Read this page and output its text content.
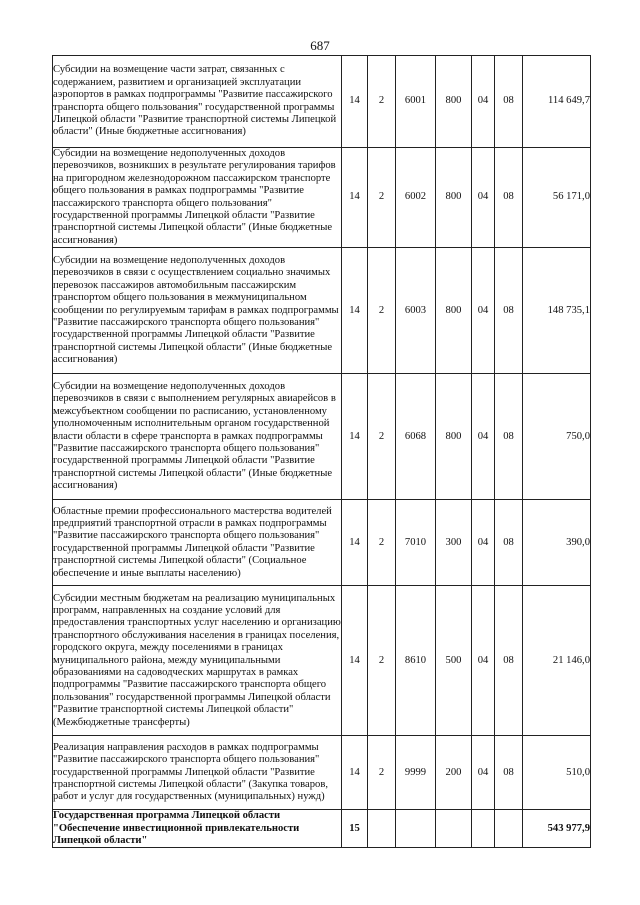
687
Субсидии на возмещение части затрат, связанных с содержанием, развитием и организацией эксплуатации аэропортов в рамках подпрограммы "Развитие пассажирского транспорта общего пользования" государственной программы Липецкой области "Развитие транспортной системы Липецкой области" (Иные бюджетные ассигнования)	14	2	6001	800	04	08	114 649,7
Субсидии на возмещение недополученных доходов перевозчиков, возникших в результате регулирования тарифов на пригородном железнодорожном пассажирском транспорте общего пользования в рамках подпрограммы "Развитие пассажирского транспорта общего пользования" государственной программы Липецкой области "Развитие транспортной системы Липецкой области" (Иные бюджетные ассигнования)	14	2	6002	800	04	08	56 171,0
Субсидии на возмещение недополученных доходов перевозчиков в связи с осуществлением социально значимых перевозок пассажиров автомобильным пассажирским транспортом общего пользования в межмуниципальном сообщении по регулируемым тарифам в рамках подпрограммы "Развитие пассажирского транспорта общего пользования" государственной программы Липецкой области "Развитие транспортной системы Липецкой области" (Иные бюджетные ассигнования)	14	2	6003	800	04	08	148 735,1
Субсидии на возмещение недополученных доходов перевозчиков в связи с выполнением регулярных авиарейсов в межсубъектном сообщении по расписанию, установленному уполномоченным исполнительным органом государственной власти области в сфере транспорта в рамках подпрограммы "Развитие пассажирского транспорта общего пользования" государственной программы Липецкой области "Развитие транспортной системы Липецкой области" (Иные бюджетные ассигнования)	14	2	6068	800	04	08	750,0
Областные премии профессионального мастерства водителей предприятий транспортной отрасли в рамках подпрограммы "Развитие пассажирского транспорта общего пользования" государственной программы Липецкой области "Развитие транспортной системы Липецкой области" (Социальное обеспечение и иные выплаты населению)	14	2	7010	300	04	08	390,0
Субсидии местным бюджетам на реализацию муниципальных программ, направленных на создание условий для предоставления транспортных услуг населению и организацию транспортного обслуживания населения в границах поселения, городского округа, между поселениями в границах муниципального района, между муниципальными образованиями на садоводческих маршрутах в рамках подпрограммы "Развитие пассажирского транспорта общего пользования" государственной программы Липецкой области "Развитие транспортной системы Липецкой области" (Межбюджетные трансферты)	14	2	8610	500	04	08	21 146,0
Реализация направления расходов в рамках подпрограммы "Развитие пассажирского транспорта общего пользования" государственной программы Липецкой области "Развитие транспортной системы Липецкой области" (Закупка товаров, работ и услуг для государственных (муниципальных) нужд)	14	2	9999	200	04	08	510,0
Государственная программа Липецкой области "Обеспечение инвестиционной привлекательности Липецкой области"	15						543 977,9
